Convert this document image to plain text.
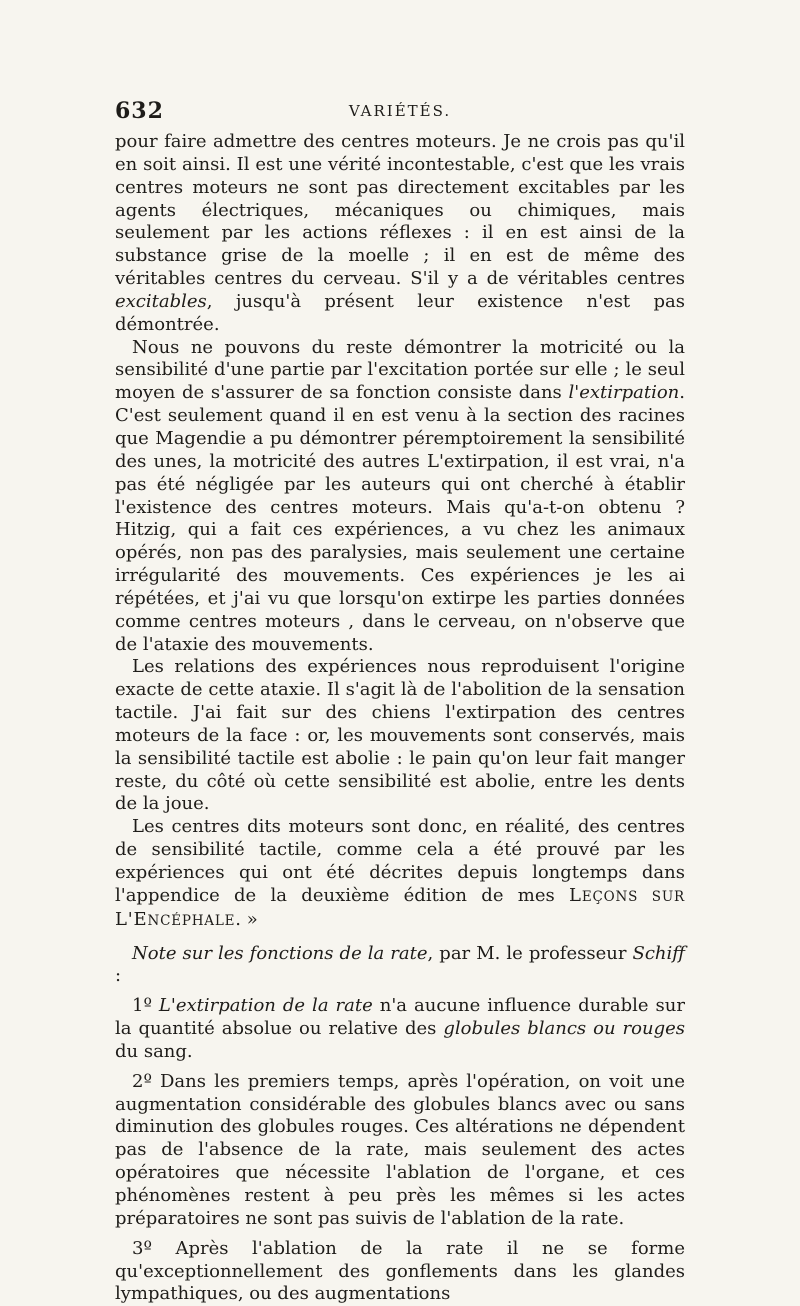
632	VARIÉTÉS.

pour faire admettre des centres moteurs. Je ne crois pas qu'il en soit ainsi. Il est une vérité incontestable, c'est que les vrais centres moteurs ne sont pas directement excitables par les agents électriques, mécaniques ou chimiques, mais seulement par les actions réflexes : il en est ainsi de la substance grise de la moelle ; il en est de même des véritables centres du cerveau. S'il y a de véritables centres excitables, jusqu'à présent leur existence n'est pas démontrée.

Nous ne pouvons du reste démontrer la motricité ou la sensibilité d'une partie par l'excitation portée sur elle ; le seul moyen de s'assurer de sa fonction consiste dans l'extirpation. C'est seulement quand il en est venu à la section des racines que Magendie a pu démontrer péremptoirement la sensibilité des unes, la motricité des autres L'extirpation, il est vrai, n'a pas été négligée par les auteurs qui ont cherché à établir l'existence des centres moteurs. Mais qu'a-t-on obtenu ? Hitzig, qui a fait ces expériences, a vu chez les animaux opérés, non pas des paralysies, mais seulement une certaine irrégularité des mouvements. Ces expériences je les ai répétées, et j'ai vu que lorsqu'on extirpe les parties données comme centres moteurs , dans le cerveau, on n'observe que de l'ataxie des mouvements.

Les relations des expériences nous reproduisent l'origine exacte de cette ataxie. Il s'agit là de l'abolition de la sensation tactile. J'ai fait sur des chiens l'extirpation des centres moteurs de la face : or, les mouvements sont conservés, mais la sensibilité tactile est abolie : le pain qu'on leur fait manger reste, du côté où cette sensibilité est abolie, entre les dents de la joue.

Les centres dits moteurs sont donc, en réalité, des centres de sensibilité tactile, comme cela a été prouvé par les expériences qui ont été décrites depuis longtemps dans l'appendice de la deuxième édition de mes LEÇONS SUR L'ENCÉPHALE. »

Note sur les fonctions de la rate, par M. le professeur Schiff :

1º L'extirpation de la rate n'a aucune influence durable sur la quantité absolue ou relative des globules blancs ou rouges du sang.

2º Dans les premiers temps, après l'opération, on voit une augmentation considérable des globules blancs avec ou sans diminution des globules rouges. Ces altérations ne dépendent pas de l'absence de la rate, mais seulement des actes opératoires que nécessite l'ablation de l'organe, et ces phénomènes restent à peu près les mêmes si les actes préparatoires ne sont pas suivis de l'ablation de la rate.

3º Après l'ablation de la rate il ne se forme qu'exceptionnellement des gonflements dans les glandes lympathiques, ou des augmentations
